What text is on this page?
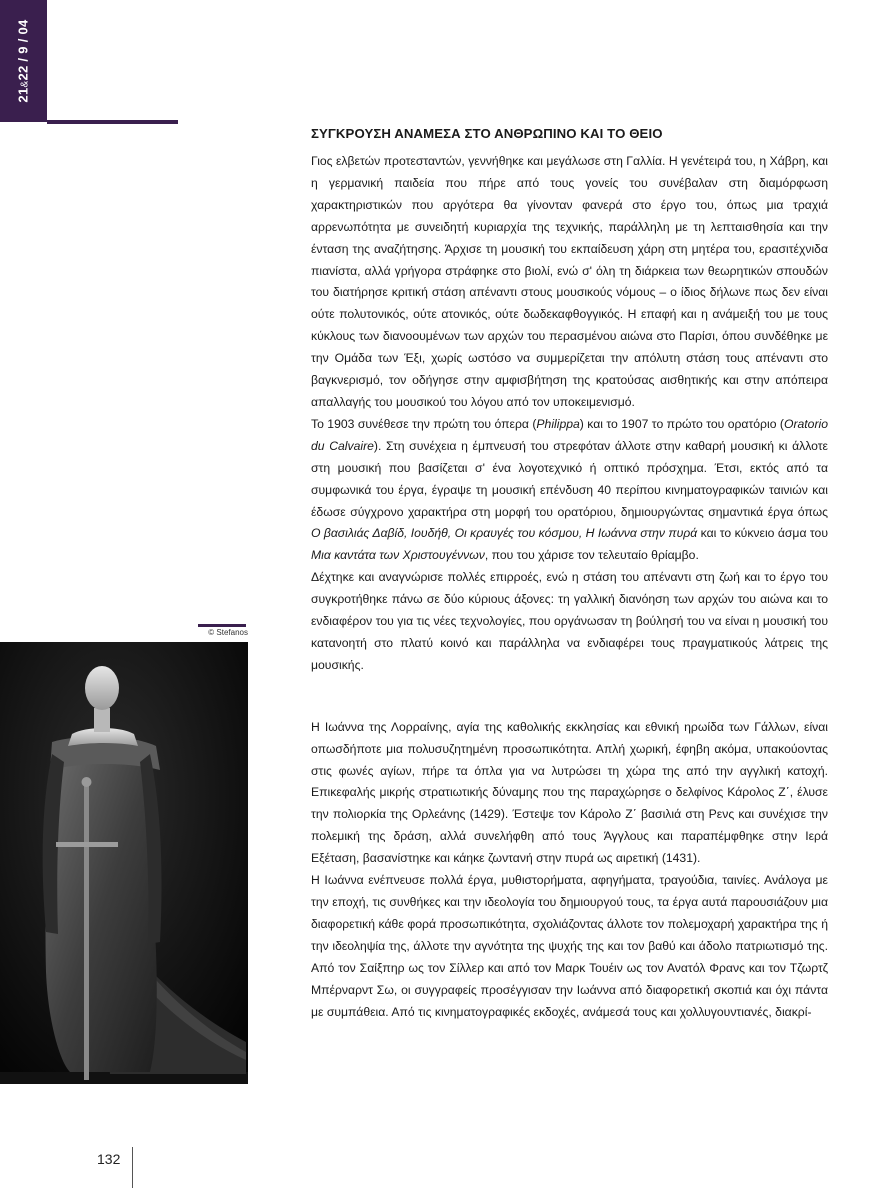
21&22 / 9 / 04
© Stefanos
132
ΣΥΓΚΡΟΥΣΗ ΑΝΑΜΕΣΑ ΣΤΟ ΑΝΘΡΩΠΙΝΟ ΚΑΙ ΤΟ ΘΕΙΟ

Γιος ελβετών προτεσταντών, γεννήθηκε και μεγάλωσε στη Γαλλία. Η γενέτειρά του, η Χάβρη, και η γερμανική παιδεία που πήρε από τους γονείς του συνέβαλαν στη διαμόρφωση χαρακτηριστικών που αργότερα θα γίνονταν φανερά στο έργο του, όπως μια τραχιά αρρενωπότητα με συνειδητή κυριαρχία της τεχνικής, παράλληλη με τη λεπταισθησία και την ένταση της αναζήτησης. Άρχισε τη μουσική του εκπαίδευση χάρη στη μητέρα του, ερασιτέχνιδα πιανίστα, αλλά γρήγορα στράφηκε στο βιολί, ενώ σ' όλη τη διάρκεια των θεωρητικών σπουδών του διατήρησε κριτική στάση απέναντι στους μουσικούς νόμους – ο ίδιος δήλωνε πως δεν είναι ούτε πολυτονικός, ούτε ατονικός, ούτε δωδεκαφθογγικός. Η επαφή και η ανάμειξή του με τους κύκλους των διανοουμένων των αρχών του περασμένου αιώνα στο Παρίσι, όπου συνδέθηκε με την Ομάδα των Έξι, χωρίς ωστόσο να συμμερίζεται την απόλυτη στάση τους απέναντι στο βαγκνερισμό, τον οδήγησε στην αμφισβήτηση της κρατούσας αισθητικής και στην απόπειρα απαλλαγής του μουσικού του λόγου από τον υποκειμενισμό.

Το 1903 συνέθεσε την πρώτη του όπερα (Philippa) και το 1907 το πρώτο του ορατόριο (Oratorio du Calvaire). Στη συνέχεια η έμπνευσή του στρεφόταν άλλοτε στην καθαρή μουσική κι άλλοτε στη μουσική που βασίζεται σ' ένα λογοτεχνικό ή οπτικό πρόσχημα. Έτσι, εκτός από τα συμφωνικά του έργα, έγραψε τη μουσική επένδυση 40 περίπου κινηματογραφικών ταινιών και έδωσε σύγχρονο χαρακτήρα στη μορφή του ορατόριου, δημιουργώντας σημαντικά έργα όπως Ο βασιλιάς Δαβίδ, Ιουδήθ, Οι κραυγές του κόσμου, Η Ιωάννα στην πυρά και το κύκνειο άσμα του Μια καντάτα των Χριστουγέννων, που του χάρισε τον τελευταίο θρίαμβο.

Δέχτηκε και αναγνώρισε πολλές επιρροές, ενώ η στάση του απέναντι στη ζωή και το έργο του συγκροτήθηκε πάνω σε δύο κύριους άξονες: τη γαλλική διανόηση των αρχών του αιώνα και το ενδιαφέρον του για τις νέες τεχνολογίες, που οργάνωσαν τη βούλησή του να είναι η μουσική του κατανοητή στο πλατύ κοινό και παράλληλα να ενδιαφέρει τους πραγματικούς λάτρεις της μουσικής.

Η Ιωάννα της Λορραίνης, αγία της καθολικής εκκλησίας και εθνική ηρωίδα των Γάλλων, είναι οπωσδήποτε μια πολυσυζητημένη προσωπικότητα. Απλή χωρική, έφηβη ακόμα, υπακούοντας στις φωνές αγίων, πήρε τα όπλα για να λυτρώσει τη χώρα της από την αγγλική κατοχή. Επικεφαλής μικρής στρατιωτικής δύναμης που της παραχώρησε ο δελφίνος Κάρολος Ζ΄, έλυσε την πολιορκία της Ορλεάνης (1429). Έστεψε τον Κάρολο Ζ΄ βασιλιά στη Ρενς και συνέχισε την πολεμική της δράση, αλλά συνελήφθη από τους Άγγλους και παραπέμφθηκε στην Ιερά Εξέταση, βασανίστηκε και κάηκε ζωντανή στην πυρά ως αιρετική (1431).

Η Ιωάννα ενέπνευσε πολλά έργα, μυθιστορήματα, αφηγήματα, τραγούδια, ταινίες. Ανάλογα με την εποχή, τις συνθήκες και την ιδεολογία του δημιουργού τους, τα έργα αυτά παρουσιάζουν μια διαφορετική κάθε φορά προσωπικότητα, σχολιάζοντας άλλοτε τον πολεμοχαρή χαρακτήρα της ή την ιδεοληψία της, άλλοτε την αγνότητα της ψυχής της και τον βαθύ και άδολο πατριωτισμό της. Από τον Σαίξπηρ ως τον Σίλλερ και από τον Μαρκ Τουέιν ως τον Ανατόλ Φρανς και τον Τζωρτζ Μπέρναρντ Σω, οι συγγραφείς προσέγγισαν την Ιωάννα από διαφορετική σκοπιά και όχι πάντα με συμπάθεια. Από τις κινηματογραφικές εκδοχές, ανάμεσά τους και χολλυγουντιανές, διακρί-
